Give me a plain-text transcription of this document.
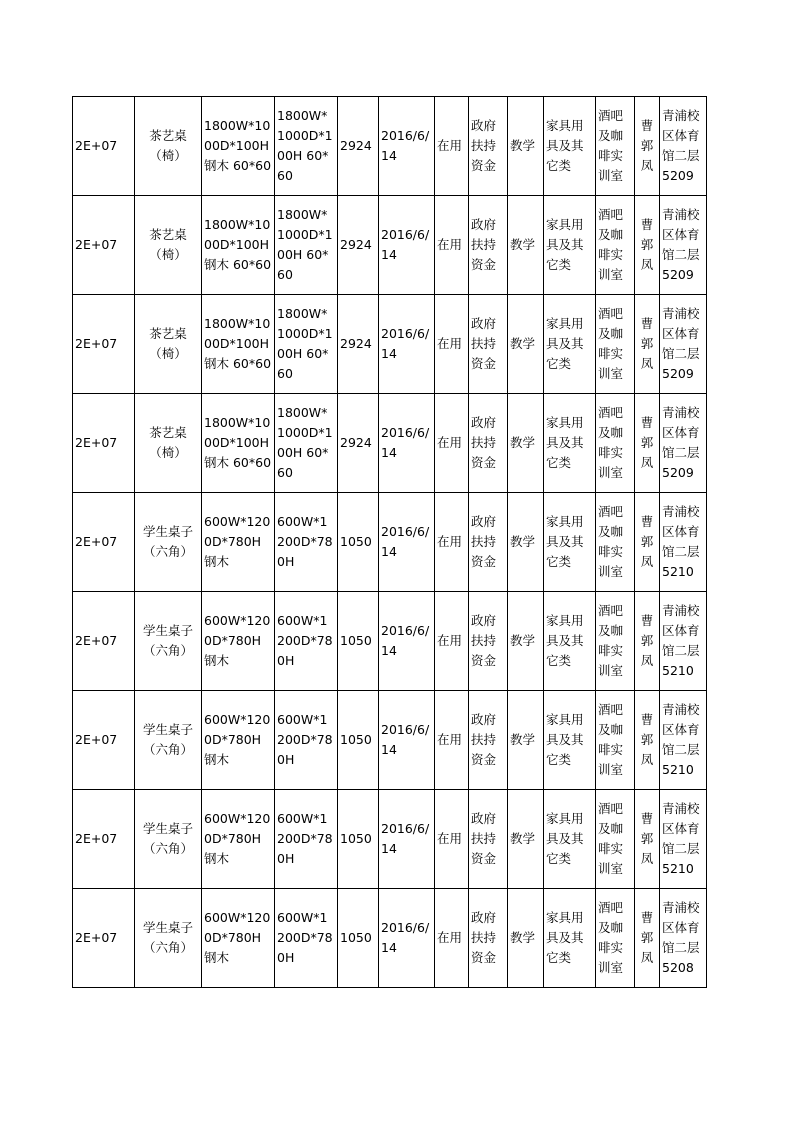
2E+07	茶艺桌（椅）	1800W*1000D*100H钢木 60*60	1800W*1000D*100H 60*60	2924	2016/6/14	在用	政府扶持资金	教学	家具用具及其它类	酒吧及咖啡实训室	曹郭凤	青浦校区体育馆二层5209

2E+07	茶艺桌（椅）	1800W*1000D*100H钢木 60*60	1800W*1000D*100H 60*60	2924	2016/6/14	在用	政府扶持资金	教学	家具用具及其它类	酒吧及咖啡实训室	曹郭凤	青浦校区体育馆二层5209

2E+07	茶艺桌（椅）	1800W*1000D*100H钢木 60*60	1800W*1000D*100H 60*60	2924	2016/6/14	在用	政府扶持资金	教学	家具用具及其它类	酒吧及咖啡实训室	曹郭凤	青浦校区体育馆二层5209

2E+07	茶艺桌（椅）	1800W*1000D*100H钢木 60*60	1800W*1000D*100H 60*60	2924	2016/6/14	在用	政府扶持资金	教学	家具用具及其它类	酒吧及咖啡实训室	曹郭凤	青浦校区体育馆二层5209

2E+07	学生桌子（六角）	600W*1200D*780H钢木	600W*1200D*780H	1050	2016/6/14	在用	政府扶持资金	教学	家具用具及其它类	酒吧及咖啡实训室	曹郭凤	青浦校区体育馆二层5210

2E+07	学生桌子（六角）	600W*1200D*780H钢木	600W*1200D*780H	1050	2016/6/14	在用	政府扶持资金	教学	家具用具及其它类	酒吧及咖啡实训室	曹郭凤	青浦校区体育馆二层5210

2E+07	学生桌子（六角）	600W*1200D*780H钢木	600W*1200D*780H	1050	2016/6/14	在用	政府扶持资金	教学	家具用具及其它类	酒吧及咖啡实训室	曹郭凤	青浦校区体育馆二层5210

2E+07	学生桌子（六角）	600W*1200D*780H钢木	600W*1200D*780H	1050	2016/6/14	在用	政府扶持资金	教学	家具用具及其它类	酒吧及咖啡实训室	曹郭凤	青浦校区体育馆二层5210

2E+07	学生桌子（六角）	600W*1200D*780H钢木	600W*1200D*780H	1050	2016/6/14	在用	政府扶持资金	教学	家具用具及其它类	酒吧及咖啡实训室	曹郭凤	青浦校区体育馆二层5208
